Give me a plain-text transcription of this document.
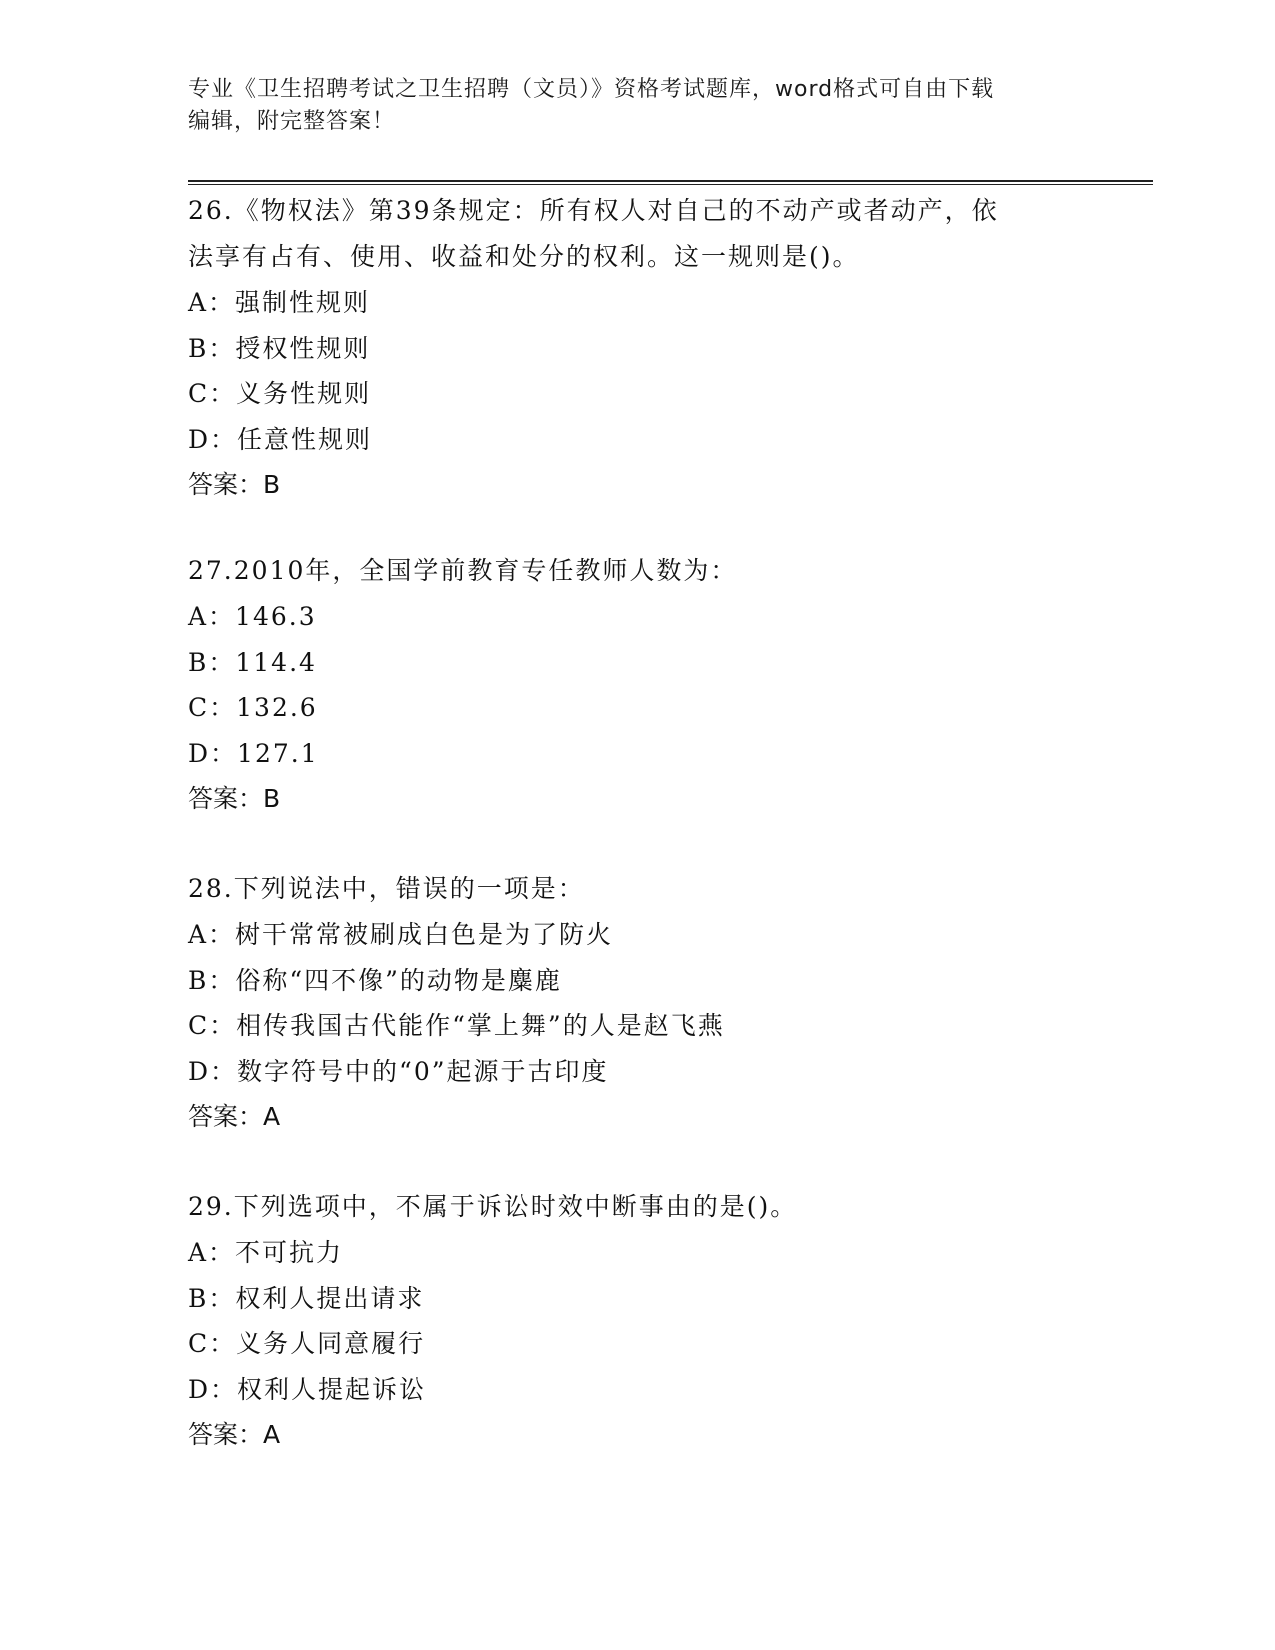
专业《卫生招聘考试之卫生招聘（文员）》资格考试题库，word格式可自由下载
编辑，附完整答案！

26.《物权法》第39条规定：所有权人对自己的不动产或者动产，依

法享有占有、使用、收益和处分的权利。这一规则是()。

A：强制性规则

B：授权性规则

C：义务性规则

D：任意性规则

答案：B

27.2010年，全国学前教育专任教师人数为：

A：146.3

B：114.4

C：132.6

D：127.1

答案：B

28.下列说法中，错误的一项是：

A：树干常常被刷成白色是为了防火

B：俗称“四不像”的动物是麋鹿

C：相传我国古代能作“掌上舞”的人是赵飞燕

D：数字符号中的“0”起源于古印度

答案：A

29.下列选项中，不属于诉讼时效中断事由的是()。

A：不可抗力

B：权利人提出请求

C：义务人同意履行

D：权利人提起诉讼

答案：A
